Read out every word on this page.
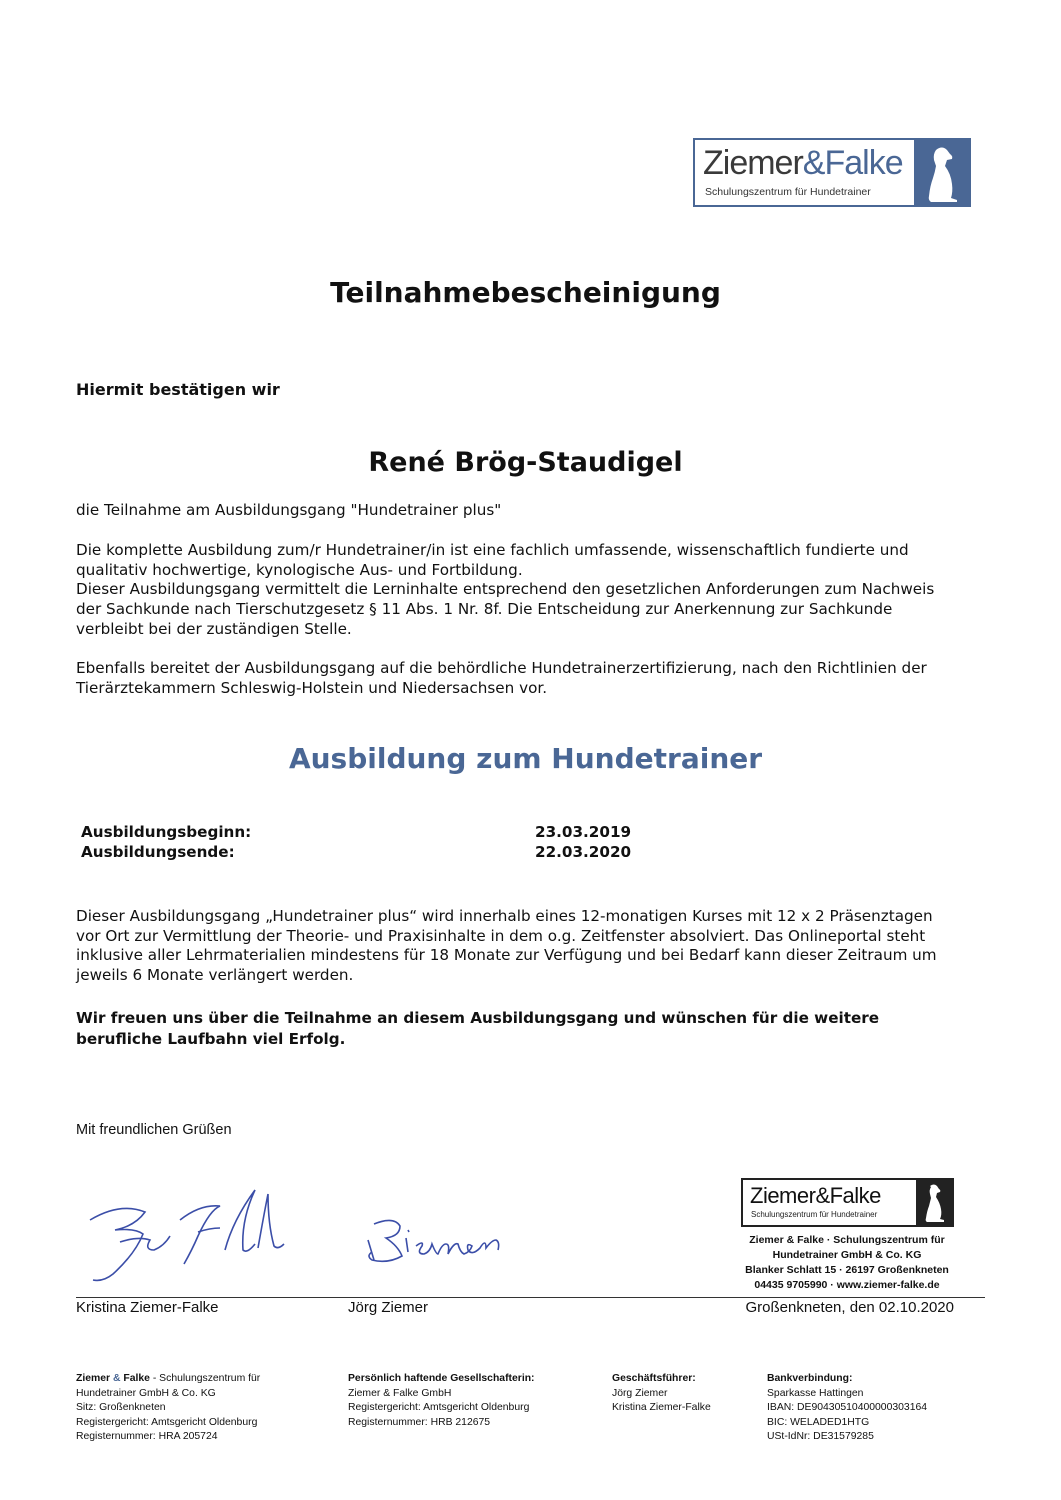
Ziemer&Falke
Schulungszentrum für Hundetrainer
Teilnahmebescheinigung
Hiermit bestätigen wir
René Brög-Staudigel
die Teilnahme am Ausbildungsgang "Hundetrainer plus"
Die komplette Ausbildung zum/r Hundetrainer/in ist eine fachlich umfassende, wissenschaftlich fundierte und
qualitativ hochwertige, kynologische Aus- und Fortbildung.
Dieser Ausbildungsgang vermittelt die Lerninhalte entsprechend den gesetzlichen Anforderungen zum Nachweis
der Sachkunde nach Tierschutzgesetz § 11 Abs. 1 Nr. 8f. Die Entscheidung zur Anerkennung zur Sachkunde
verbleibt bei der zuständigen Stelle.
Ebenfalls bereitet der Ausbildungsgang auf die behördliche Hundetrainerzertifizierung, nach den Richtlinien der
Tierärztekammern Schleswig-Holstein und Niedersachsen vor.
Ausbildung zum Hundetrainer
Ausbildungsbeginn:	23.03.2019
Ausbildungsende:	22.03.2020
Dieser Ausbildungsgang „Hundetrainer plus“ wird innerhalb eines 12-monatigen Kurses mit 12 x 2 Präsenztagen
vor Ort zur Vermittlung der Theorie- und Praxisinhalte in dem o.g. Zeitfenster absolviert. Das Onlineportal steht
inklusive aller Lehrmaterialien mindestens für 18 Monate zur Verfügung und bei Bedarf kann dieser Zeitraum um
jeweils 6 Monate verlängert werden.
Wir freuen uns über die Teilnahme an diesem Ausbildungsgang und wünschen für die weitere
berufliche Laufbahn viel Erfolg.
Mit freundlichen Grüßen
Ziemer&Falke
Schulungszentrum für Hundetrainer
Ziemer & Falke · Schulungszentrum für
Hundetrainer GmbH & Co. KG
Blanker Schlatt 15 · 26197 Großenkneten
04435 9705990 · www.ziemer-falke.de
Kristina Ziemer-Falke	Jörg Ziemer	Großenkneten, den 02.10.2020
Ziemer & Falke - Schulungszentrum für
Hundetrainer GmbH & Co. KG
Sitz: Großenkneten
Registergericht: Amtsgericht Oldenburg
Registernummer: HRA 205724
Persönlich haftende Gesellschafterin:
Ziemer & Falke GmbH
Registergericht: Amtsgericht Oldenburg
Registernummer: HRB 212675
Geschäftsführer:
Jörg Ziemer
Kristina Ziemer-Falke
Bankverbindung:
Sparkasse Hattingen
IBAN: DE90430510400000303164
BIC: WELADED1HTG
USt-IdNr: DE31579285
